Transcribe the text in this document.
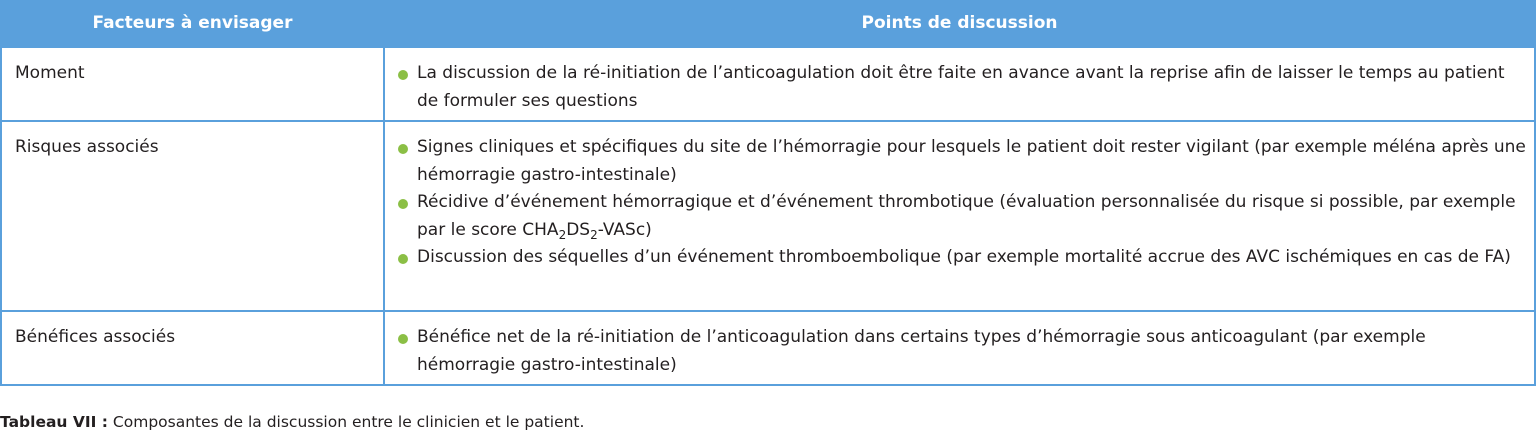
Facteurs à envisager	Points de discussion
Moment	La discussion de la ré-initiation de l’anticoagulation doit être faite en avance avant la reprise afin de laisser le temps au patient de formuler ses questions

Risques associés	Signes cliniques et spécifiques du site de l’hémorragie pour lesquels le patient doit rester vigilant (par exemple méléna après une hémorragie gastro-intestinale)
Récidive d’événement hémorragique et d’événement thrombotique (évaluation personnalisée du risque si possible, par exemple par le score $CHA_2DS_2-VASc$)
Discussion des séquelles d’un événement thromboembolique (par exemple mortalité accrue des AVC ischémiques en cas de FA)

Bénéfices associés	Bénéfice net de la ré-initiation de l’anticoagulation dans certains types d’hémorragie sous anticoagulant (par exemple hémorragie gastro-intestinale)
Tableau VII : Composantes de la discussion entre le clinicien et le patient.
